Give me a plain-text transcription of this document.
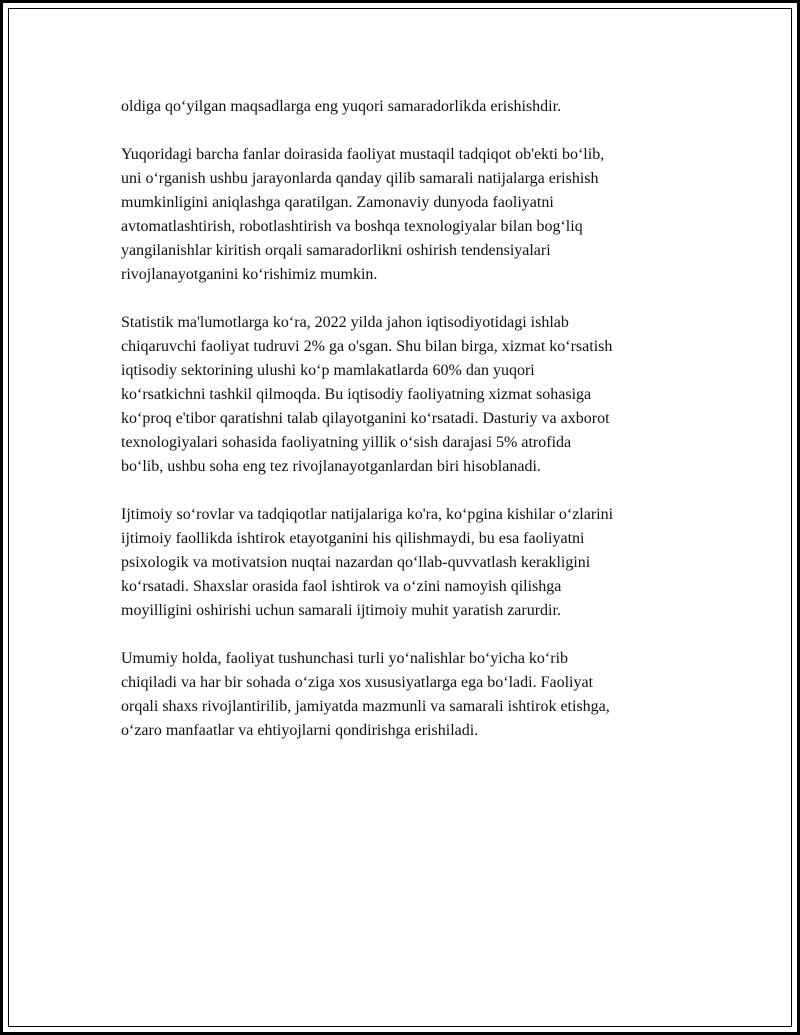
oldiga qo‘yilgan maqsadlarga eng yuqori samaradorlikda erishishdir.

Yuqoridagi barcha fanlar doirasida faoliyat mustaqil tadqiqot ob'ekti bo‘lib,
uni o‘rganish ushbu jarayonlarda qanday qilib samarali natijalarga erishish
mumkinligini aniqlashga qaratilgan. Zamonaviy dunyoda faoliyatni
avtomatlashtirish, robotlashtirish va boshqa texnologiyalar bilan bog‘liq
yangilanishlar kiritish orqali samaradorlikni oshirish tendensiyalari
rivojlanayotganini ko‘rishimiz mumkin.

Statistik ma'lumotlarga ko‘ra, 2022 yilda jahon iqtisodiyotidagi ishlab
chiqaruvchi faoliyat tudruvi 2% ga o'sgan. Shu bilan birga, xizmat ko‘rsatish
iqtisodiy sektorining ulushi ko‘p mamlakatlarda 60% dan yuqori
ko‘rsatkichni tashkil qilmoqda. Bu iqtisodiy faoliyatning xizmat sohasiga
ko‘proq e'tibor qaratishni talab qilayotganini ko‘rsatadi. Dasturiy va axborot
texnologiyalari sohasida faoliyatning yillik o‘sish darajasi 5% atrofida
bo‘lib, ushbu soha eng tez rivojlanayotganlardan biri hisoblanadi.

Ijtimoiy so‘rovlar va tadqiqotlar natijalariga ko'ra, ko‘pgina kishilar o‘zlarini
ijtimoiy faollikda ishtirok etayotganini his qilishmaydi, bu esa faoliyatni
psixologik va motivatsion nuqtai nazardan qo‘llab-quvvatlash kerakligini
ko‘rsatadi. Shaxslar orasida faol ishtirok va o‘zini namoyish qilishga
moyilligini oshirishi uchun samarali ijtimoiy muhit yaratish zarurdir.

Umumiy holda, faoliyat tushunchasi turli yo‘nalishlar bo‘yicha ko‘rib
chiqiladi va har bir sohada o‘ziga xos xususiyatlarga ega bo‘ladi. Faoliyat
orqali shaxs rivojlantirilib, jamiyatda mazmunli va samarali ishtirok etishga,
o‘zaro manfaatlar va ehtiyojlarni qondirishga erishiladi.
